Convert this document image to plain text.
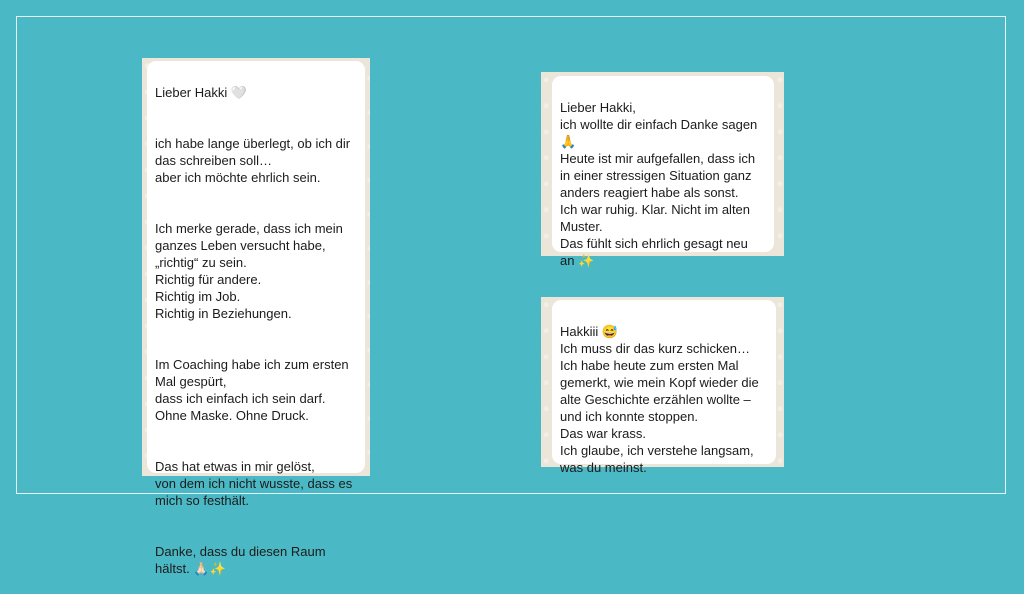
Lieber Hakki 🤍

ich habe lange überlegt, ob ich dir
das schreiben soll…
aber ich möchte ehrlich sein.

Ich merke gerade, dass ich mein
ganzes Leben versucht habe,
„richtig“ zu sein.
Richtig für andere.
Richtig im Job.
Richtig in Beziehungen.

Im Coaching habe ich zum ersten
Mal gespürt,
dass ich einfach ich sein darf.
Ohne Maske. Ohne Druck.

Das hat etwas in mir gelöst,
von dem ich nicht wusste, dass es
mich so festhält.

Danke, dass du diesen Raum
hältst. 🙏🏻✨

Lieber Hakki,
ich wollte dir einfach Danke sagen
🙏
Heute ist mir aufgefallen, dass ich
in einer stressigen Situation ganz
anders reagiert habe als sonst.
Ich war ruhig. Klar. Nicht im alten
Muster.
Das fühlt sich ehrlich gesagt neu
an ✨

Hakkiii 😅
Ich muss dir das kurz schicken…
Ich habe heute zum ersten Mal
gemerkt, wie mein Kopf wieder die
alte Geschichte erzählen wollte –
und ich konnte stoppen.
Das war krass.
Ich glaube, ich verstehe langsam,
was du meinst.
